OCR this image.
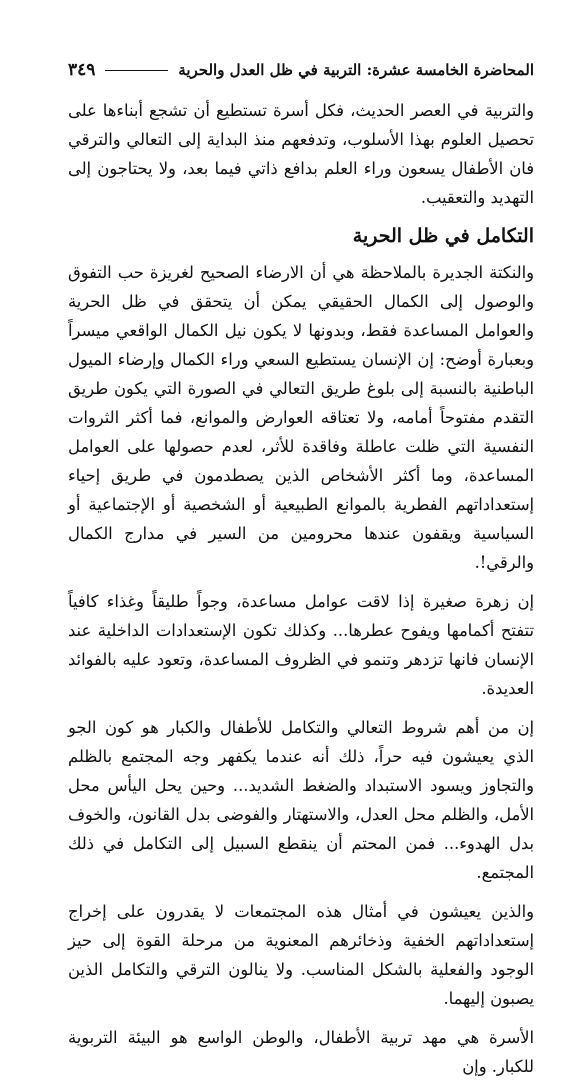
المحاضرة الخامسة عشرة: التربية في ظل العدل والحرية
٣٤٩

والتربية في العصر الحديث، فكل أسرة تستطيع أن تشجع أبناءها على تحصيل العلوم بهذا الأسلوب، وتدفعهم منذ البداية إلى التعالي والترقي فان الأطفال يسعون وراء العلم بدافع ذاتي فيما بعد، ولا يحتاجون إلى التهديد والتعقيب.

التكامل في ظل الحرية

والنكتة الجديرة بالملاحظة هي أن الارضاء الصحيح لغريزة حب التفوق والوصول إلى الكمال الحقيقي يمكن أن يتحقق في ظل الحرية والعوامل المساعدة فقط، وبدونها لا يكون نيل الكمال الواقعي ميسراً وبعبارة أوضح: إن الإنسان يستطيع السعي وراء الكمال وإرضاء الميول الباطنية بالنسبة إلى بلوغ طريق التعالي في الصورة التي يكون طريق التقدم مفتوحاً أمامه، ولا تعتاقه العوارض والموانع، فما أكثر الثروات النفسية التي ظلت عاطلة وفاقدة للأثر، لعدم حصولها على العوامل المساعدة، وما أكثر الأشخاص الذين يصطدمون في طريق إحياء إستعداداتهم الفطرية بالموانع الطبيعية أو الشخصية أو الإجتماعية أو السياسية ويقفون عندها محرومين من السير في مدارج الكمال والرقي!.

إن زهرة صغيرة إذا لاقت عوامل مساعدة، وجواً طليقاً وغذاء كافياً تتفتح أكمامها ويفوح عطرها... وكذلك تكون الإستعدادات الداخلية عند الإنسان فانها تزدهر وتنمو في الظروف المساعدة، وتعود عليه بالفوائد العديدة.

إن من أهم شروط التعالي والتكامل للأطفال والكبار هو كون الجو الذي يعيشون فيه حراً، ذلك أنه عندما يكفهر وجه المجتمع بالظلم والتجاوز ويسود الاستبداد والضغط الشديد... وحين يحل اليأس محل الأمل، والظلم محل العدل، والاستهتار والفوضى بدل القانون، والخوف بدل الهدوء... فمن المحتم أن ينقطع السبيل إلى التكامل في ذلك المجتمع.

والذين يعيشون في أمثال هذه المجتمعات لا يقدرون على إخراج إستعداداتهم الخفية وذخائرهم المعنوية من مرحلة القوة إلى حيز الوجود والفعلية بالشكل المناسب. ولا ينالون الترقي والتكامل الذين يصبون إليهما.

الأسرة هي مهد تربية الأطفال، والوطن الواسع هو البيئة التربوية للكبار. وإن
